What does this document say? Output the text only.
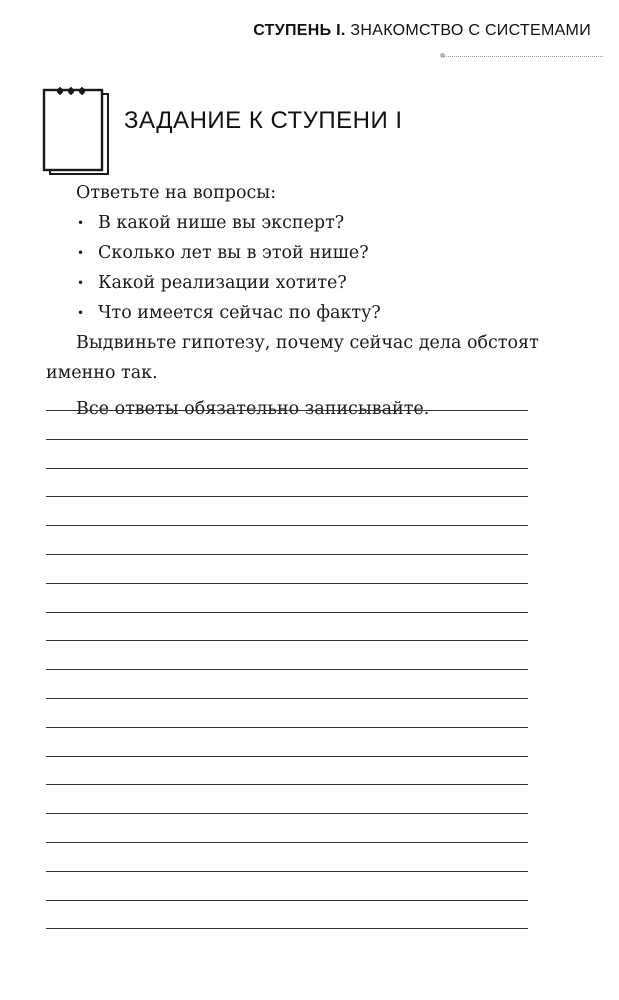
СТУПЕНЬ I. ЗНАКОМСТВО С СИСТЕМАМИ
ЗАДАНИЕ К СТУПЕНИ I

Ответьте на вопросы:

• В какой нише вы эксперт?
• Сколько лет вы в этой нише?
• Какой реализации хотите?
• Что имеется сейчас по факту?

Выдвиньте гипотезу, почему сейчас дела обстоят именно так.

Все ответы обязательно записывайте.
